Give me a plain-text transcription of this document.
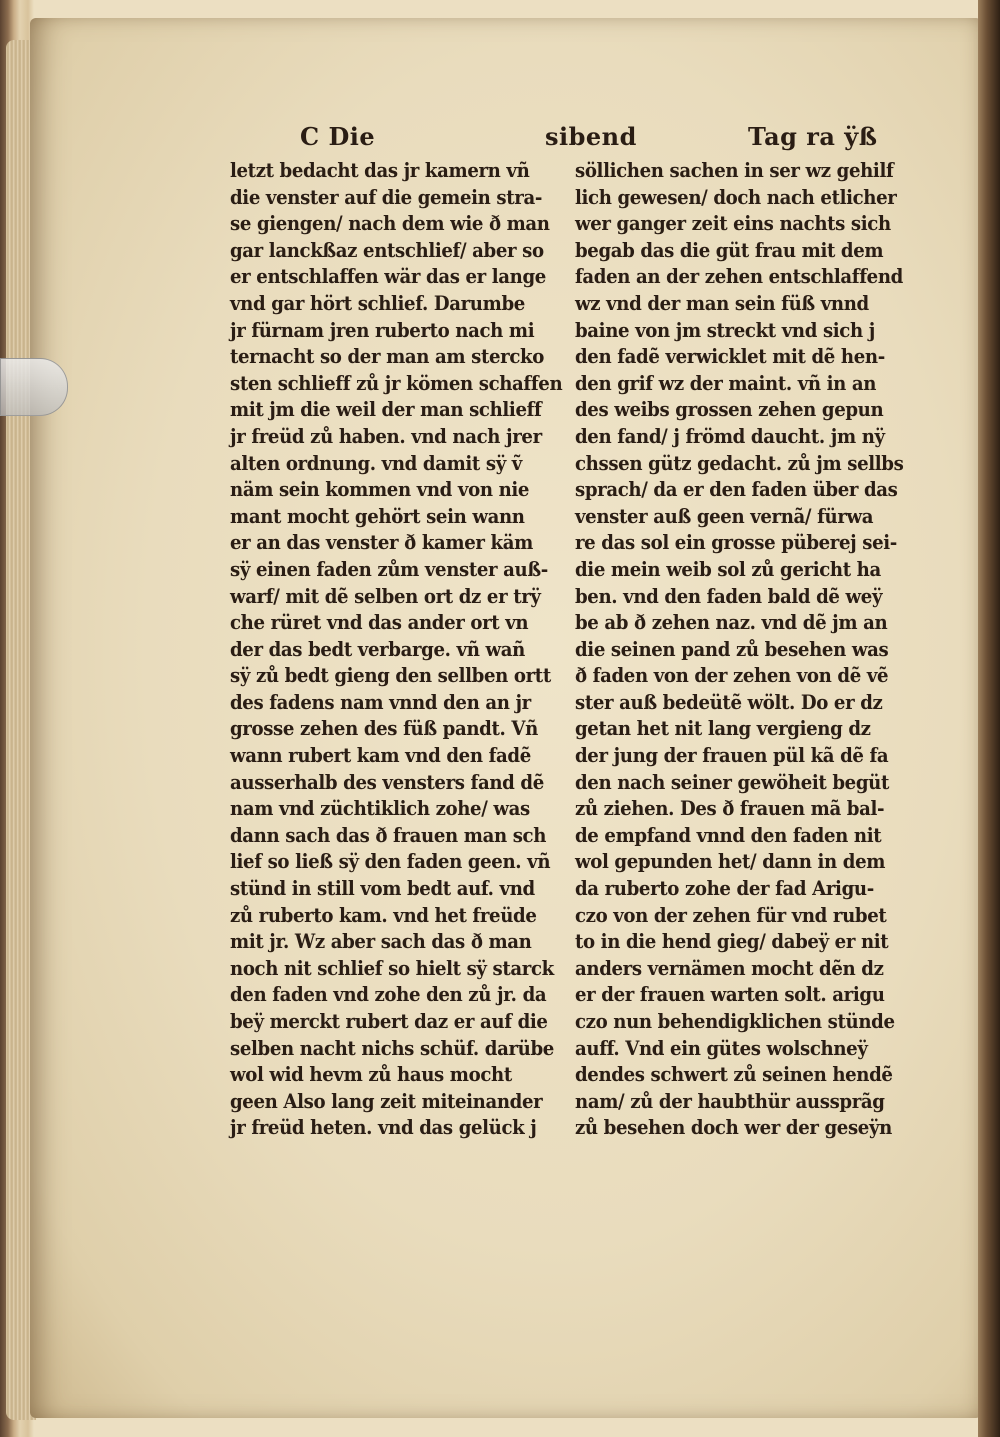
C Die	sibend	Tag ra ÿß
letzt bedacht das jr kamern vñ
die venster auf die gemein stra-
se giengen/ nach dem wie ð man
gar lanckßaz entschlief/ aber so
er entschlaffen wär das er lange
vnd gar hört schlief. Darumbe
jr fürnam jren ruberto nach mi
ternacht so der man am stercko
sten schlieff zů jr kömen schaffen
mit jm die weil der man schlieff
jr freüd zů haben. vnd nach jrer
alten ordnung. vnd damit sÿ ṽ
näm sein kommen vnd von nie
mant mocht gehört sein wann
er an das venster ð kamer käm
sÿ einen faden zům venster auß-
warf/ mit dẽ selben ort dz er trÿ
che rüret vnd das ander ort vn
der das bedt verbarge. vñ wañ
sÿ zů bedt gieng den sellben ortt
des fadens nam vnnd den an jr
grosse zehen des füß pandt. Vñ
wann rubert kam vnd den fadẽ
ausserhalb des vensters fand dẽ
nam vnd züchtiklich zohe/ was
dann sach das ð frauen man sch
lief so ließ sÿ den faden geen. vñ
stünd in still vom bedt auf. vnd
zů ruberto kam. vnd het freüde
mit jr. Wz aber sach das ð man
noch nit schlief so hielt sÿ starck
den faden vnd zohe den zů jr. da
beÿ merckt rubert daz er auf die
selben nacht nichs schüf. darübe
wol wid hevm zů haus mocht
geen Also lang zeit miteinander
jr freüd heten. vnd das gelück j
söllichen sachen in ser wz gehilf
lich gewesen/ doch nach etlicher
wer ganger zeit eins nachts sich
begab das die güt frau mit dem
faden an der zehen entschlaffend
wz vnd der man sein füß vnnd
baine von jm streckt vnd sich j
den fadẽ verwicklet mit dẽ hen-
den grif wz der maint. vñ in an
des weibs grossen zehen gepun
den fand/ j frömd daucht. jm nÿ
chssen gütz gedacht. zů jm sellbs
sprach/ da er den faden über das
venster auß geen vernã/ fürwa
re das sol ein grosse püberej sei-
die mein weib sol zů gericht ha
ben. vnd den faden bald dẽ weÿ
be ab ð zehen naz. vnd dẽ jm an
die seinen pand zů besehen was
ð faden von der zehen von dẽ vẽ
ster auß bedeütẽ wölt. Do er dz
getan het nit lang vergieng dz
der jung der frauen pül kã dẽ fa
den nach seiner gewöheit begüt
zů ziehen. Des ð frauen mã bal-
de empfand vnnd den faden nit
wol gepunden het/ dann in dem
da ruberto zohe der fad Arigu-
czo von der zehen für vnd rubet
to in die hend gieg/ dabeÿ er nit
anders vernämen mocht dẽn dz
er der frauen warten solt. arigu
czo nun behendigklichen stünde
auff. Vnd ein gütes wolschneÿ
dendes schwert zů seinen hendẽ
nam/ zů der haubthür aussprãg
zů besehen doch wer der geseÿn
